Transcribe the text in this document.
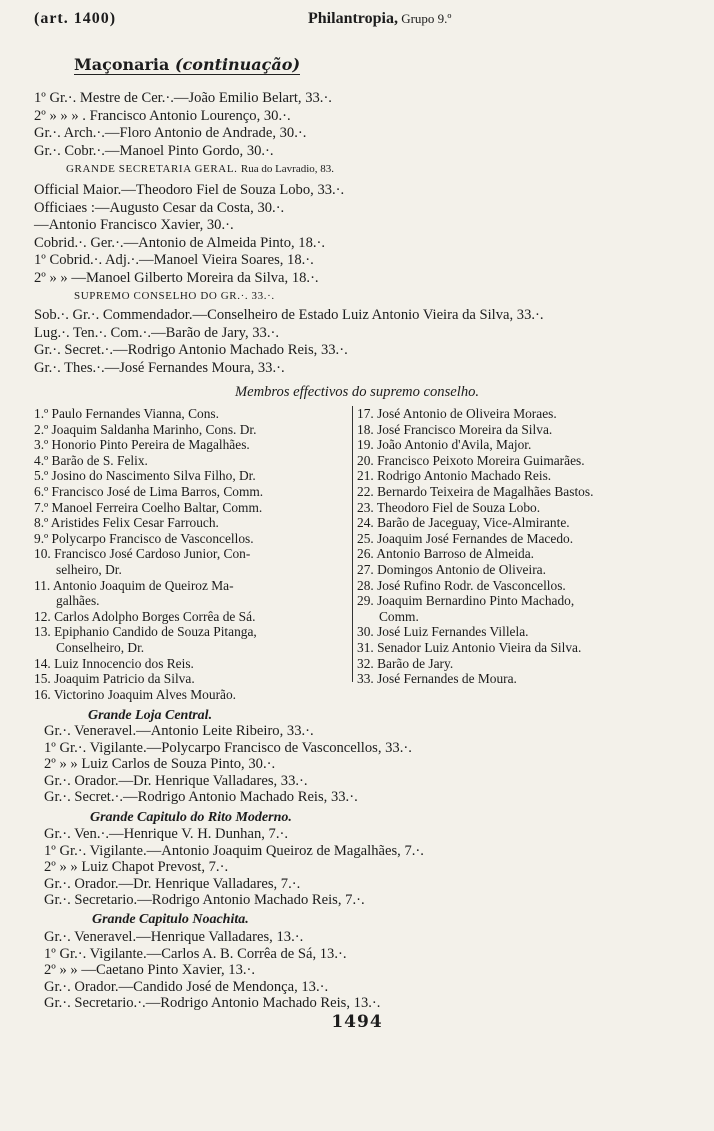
(art. 1400)	Philantropia, Grupo 9.º
Maçonaria (continuação)
1º Gr.·. Mestre de Cer.·.—João Emilio Belart, 33.·.
2º » » » . Francisco Antonio Lourenço, 30.·.
Gr.·. Arch.·.—Floro Antonio de Andrade, 30.·.
Gr.·. Cobr.·.—Manoel Pinto Gordo, 30.·.
GRANDE SECRETARIA GERAL. Rua do Lavradio, 83.
Official Maior.—Theodoro Fiel de Souza Lobo, 33.·.
Officiaes :—Augusto Cesar da Costa, 30.·.
—Antonio Francisco Xavier, 30.·.
Cobrid.·. Ger.·.—Antonio de Almeida Pinto, 18.·.
1º Cobrid.·. Adj.·.—Manoel Vieira Soares, 18.·.
2º » » —Manoel Gilberto Moreira da Silva, 18.·.
SUPREMO CONSELHO DO GR.·. 33.·.
Sob.·. Gr.·. Commendador.—Conselheiro de Estado Luiz Antonio Vieira da Silva, 33.·.
Lug.·. Ten.·. Com.·.—Barão de Jary, 33.·.
Gr.·. Secret.·.—Rodrigo Antonio Machado Reis, 33.·.
Gr.·. Thes.·.—José Fernandes Moura, 33.·.
Membros effectivos do supremo conselho.
1.º Paulo Fernandes Vianna, Cons.
2.º Joaquim Saldanha Marinho, Cons. Dr.
3.º Honorio Pinto Pereira de Magalhães.
4.º Barão de S. Felix.
5.º Josino do Nascimento Silva Filho, Dr.
6.º Francisco José de Lima Barros, Comm.
7.º Manoel Ferreira Coelho Baltar, Comm.
8.º Aristides Felix Cesar Farrouch.
9.º Polycarpo Francisco de Vasconcellos.
10. Francisco José Cardoso Junior, Con-
selheiro, Dr.
11. Antonio Joaquim de Queiroz Ma-
galhães.
12. Carlos Adolpho Borges Corrêa de Sá.
13. Epiphanio Candido de Souza Pitanga,
Conselheiro, Dr.
14. Luiz Innocencio dos Reis.
15. Joaquim Patricio da Silva.
16. Victorino Joaquim Alves Mourão.
17. José Antonio de Oliveira Moraes.
18. José Francisco Moreira da Silva.
19. João Antonio d'Avila, Major.
20. Francisco Peixoto Moreira Guimarães.
21. Rodrigo Antonio Machado Reis.
22. Bernardo Teixeira de Magalhães Bastos.
23. Theodoro Fiel de Souza Lobo.
24. Barão de Jaceguay, Vice-Almirante.
25. Joaquim José Fernandes de Macedo.
26. Antonio Barroso de Almeida.
27. Domingos Antonio de Oliveira.
28. José Rufino Rodr. de Vasconcellos.
29. Joaquim Bernardino Pinto Machado,
Comm.
30. José Luiz Fernandes Villela.
31. Senador Luiz Antonio Vieira da Silva.
32. Barão de Jary.
33. José Fernandes de Moura.
Grande Loja Central.
Gr.·. Veneravel.—Antonio Leite Ribeiro, 33.·.
1º Gr.·. Vigilante.—Polycarpo Francisco de Vasconcellos, 33.·.
2º » » Luiz Carlos de Souza Pinto, 30.·.
Gr.·. Orador.—Dr. Henrique Valladares, 33.·.
Gr.·. Secret.·.—Rodrigo Antonio Machado Reis, 33.·.
Grande Capitulo do Rito Moderno.
Gr.·. Ven.·.—Henrique V. H. Dunhan, 7.·.
1º Gr.·. Vigilante.—Antonio Joaquim Queiroz de Magalhães, 7.·.
2º » » Luiz Chapot Prevost, 7.·.
Gr.·. Orador.—Dr. Henrique Valladares, 7.·.
Gr.·. Secretario.—Rodrigo Antonio Machado Reis, 7.·.
Grande Capitulo Noachita.
Gr.·. Veneravel.—Henrique Valladares, 13.·.
1º Gr.·. Vigilante.—Carlos A. B. Corrêa de Sá, 13.·.
2º » » —Caetano Pinto Xavier, 13.·.
Gr.·. Orador.—Candido José de Mendonça, 13.·.
Gr.·. Secretario.·.—Rodrigo Antonio Machado Reis, 13.·.
1494
